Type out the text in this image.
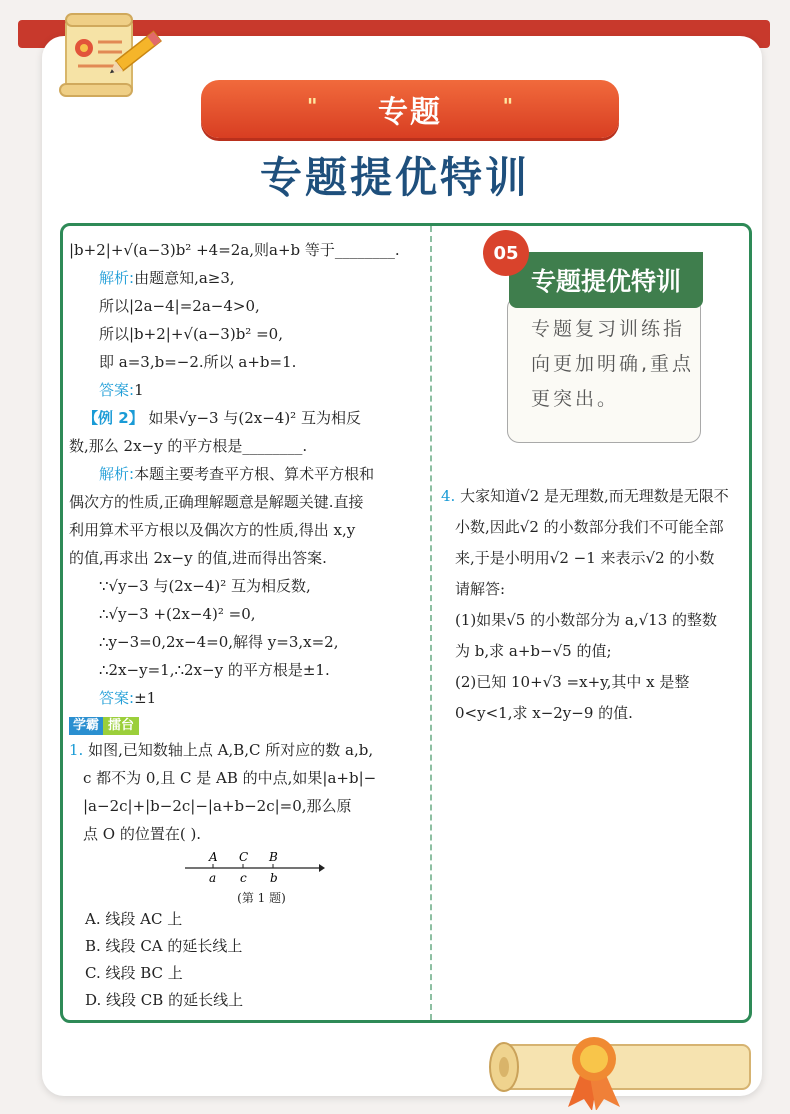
" 专题	"
专题提优特训

|b+2|+√(a−3)b² +4=2a,则a+b 等于________.

解析:由题意知,a≥3,

所以|2a−4|=2a−4>0,

所以|b+2|+√(a−3)b² =0,

即 a=3,b=−2.所以 a+b=1.

答案:1

【例 2】 如果√y−3 与(2x−4)² 互为相反

数,那么 2x−y 的平方根是________.

解析:本题主要考查平方根、算术平方根和

偶次方的性质,正确理解题意是解题关键.直接

利用算术平方根以及偶次方的性质,得出 x,y

的值,再求出 2x−y 的值,进而得出答案.

∵√y−3 与(2x−4)² 互为相反数,

∴√y−3 +(2x−4)² =0,

∴y−3=0,2x−4=0,解得 y=3,x=2,

∴2x−y=1,∴2x−y 的平方根是±1.

答案:±1

学霸 擂台

1. 如图,已知数轴上点 A,B,C 所对应的数 a,b,

c 都不为 0,且 C 是 AB 的中点,如果|a+b|−

|a−2c|+|b−2c|−|a+b−2c|=0,那么原

点 O 的位置在( ).

A C B
a c b
(第 1 题)
A. 线段 AC 上
B. 线段 CA 的延长线上
C. 线段 BC 上
D. 线段 CB 的延长线上
05
专题提优特训
专题复习训练指向更加明确,重点更突出。

4. 大家知道√2 是无理数,而无理数是无限不

小数,因此√2 的小数部分我们不可能全部

来,于是小明用√2 −1 来表示√2 的小数

请解答:

(1)如果√5 的小数部分为 a,√13 的整数

为 b,求 a+b−√5 的值;

(2)已知 10+√3 =x+y,其中 x 是整

0<y<1,求 x−2y−9 的值.
